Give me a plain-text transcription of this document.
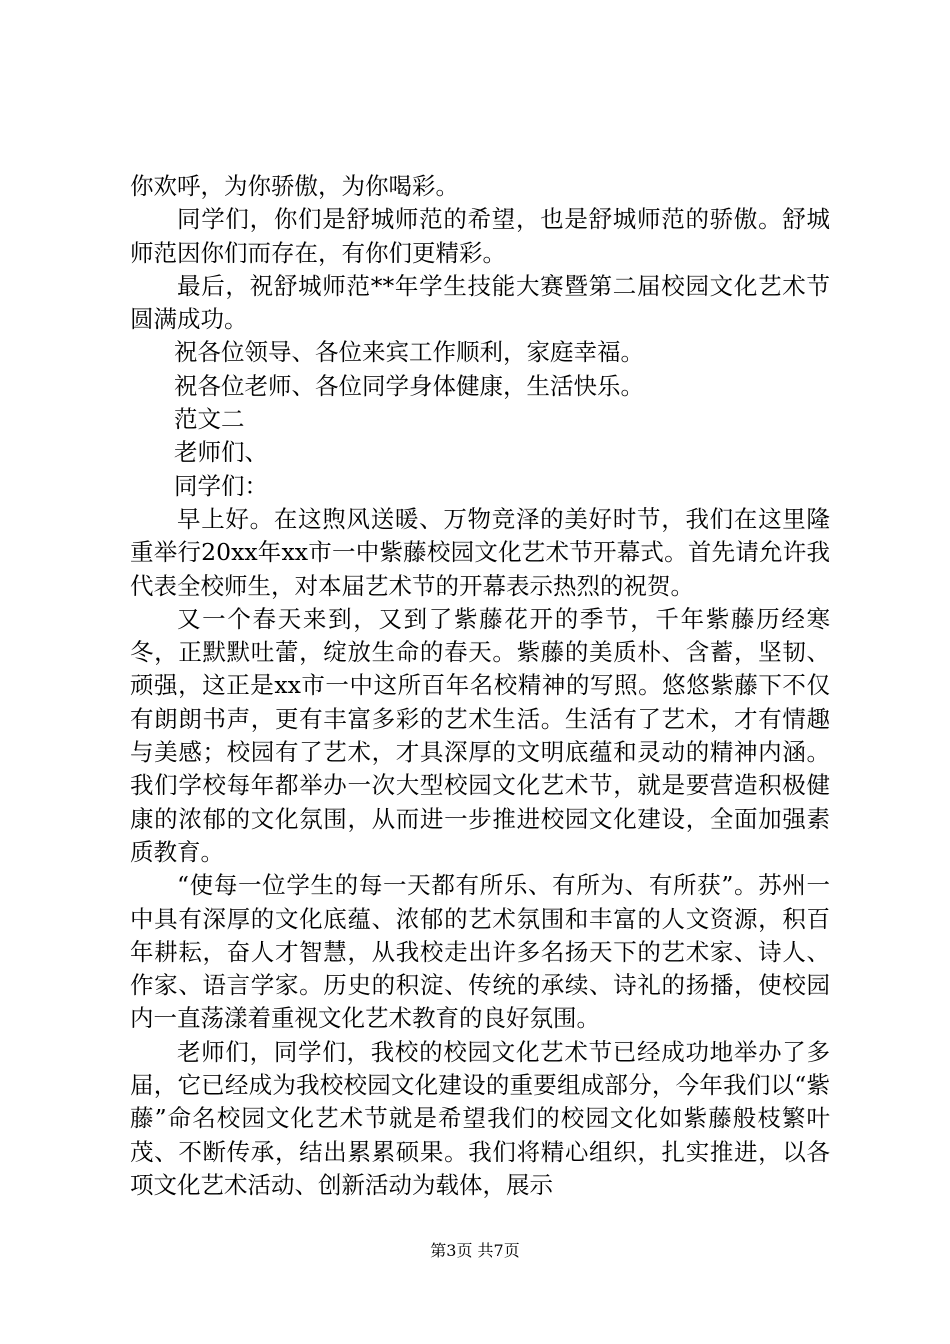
你欢呼，为你骄傲，为你喝彩。

同学们，你们是舒城师范的希望，也是舒城师范的骄傲。舒城师范因你们而存在，有你们更精彩。

最后，祝舒城师范**年学生技能大赛暨第二届校园文化艺术节圆满成功。

祝各位领导、各位来宾工作顺利，家庭幸福。

祝各位老师、各位同学身体健康，生活快乐。

范文二

老师们、

同学们：

早上好。在这煦风送暖、万物竞泽的美好时节，我们在这里隆重举行20xx年xx市一中紫藤校园文化艺术节开幕式。首先请允许我代表全校师生，对本届艺术节的开幕表示热烈的祝贺。

又一个春天来到，又到了紫藤花开的季节，千年紫藤历经寒冬，正默默吐蕾，绽放生命的春天。紫藤的美质朴、含蓄，坚韧、顽强，这正是xx市一中这所百年名校精神的写照。悠悠紫藤下不仅有朗朗书声，更有丰富多彩的艺术生活。生活有了艺术，才有情趣与美感；校园有了艺术，才具深厚的文明底蕴和灵动的精神内涵。我们学校每年都举办一次大型校园文化艺术节，就是要营造积极健康的浓郁的文化氛围，从而进一步推进校园文化建设，全面加强素质教育。

“使每一位学生的每一天都有所乐、有所为、有所获”。苏州一中具有深厚的文化底蕴、浓郁的艺术氛围和丰富的人文资源，积百年耕耘，奋人才智慧，从我校走出许多名扬天下的艺术家、诗人、作家、语言学家。历史的积淀、传统的承续、诗礼的扬播，使校园内一直荡漾着重视文化艺术教育的良好氛围。

老师们，同学们，我校的校园文化艺术节已经成功地举办了多届，它已经成为我校校园文化建设的重要组成部分，今年我们以“紫藤”命名校园文化艺术节就是希望我们的校园文化如紫藤般枝繁叶茂、不断传承，结出累累硕果。我们将精心组织，扎实推进，以各项文化艺术活动、创新活动为载体，展示

第3页 共7页
